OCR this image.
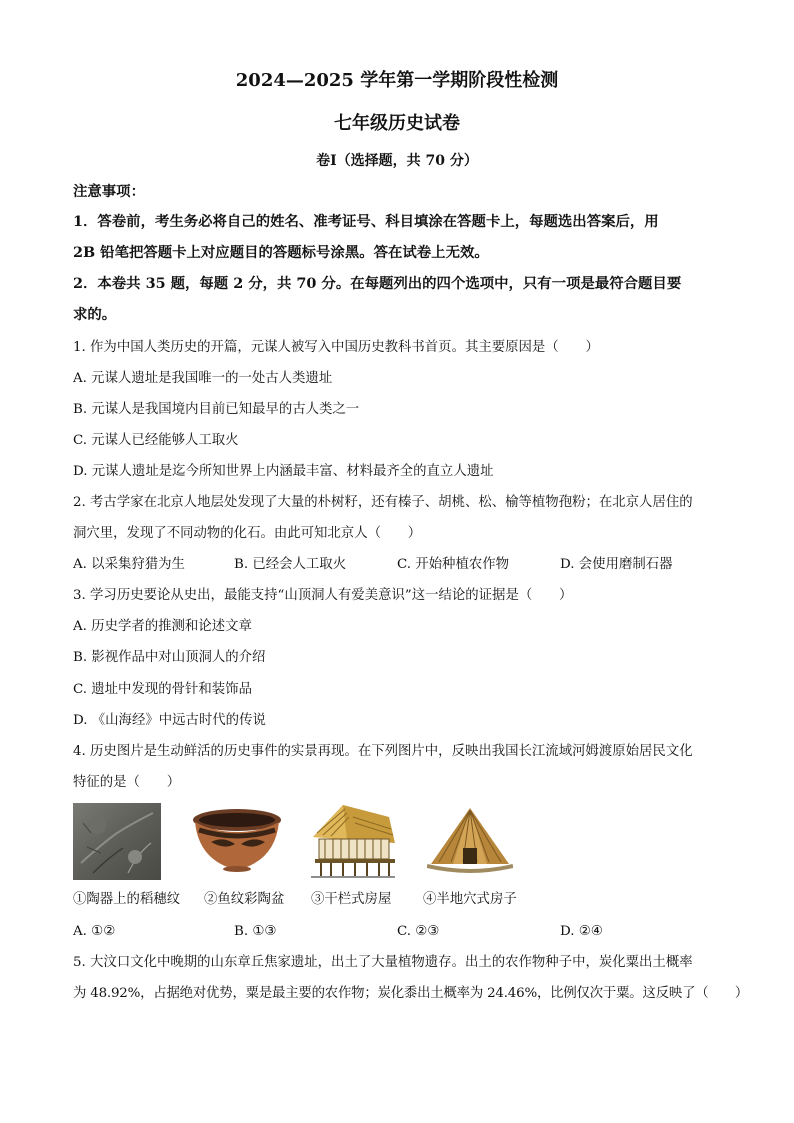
2024—2025 学年第一学期阶段性检测
七年级历史试卷
卷Ⅰ（选择题，共 70 分）
注意事项：
1．答卷前，考生务必将自己的姓名、准考证号、科目填涂在答题卡上，每题选出答案后，用
2B 铅笔把答题卡上对应题目的答题标号涂黑。答在试卷上无效。
2．本卷共 35 题，每题 2 分，共 70 分。在每题列出的四个选项中，只有一项是最符合题目要
求的。
1. 作为中国人类历史的开篇，元谋人被写入中国历史教科书首页。其主要原因是（　　）
A. 元谋人遗址是我国唯一的一处古人类遗址
B. 元谋人是我国境内目前已知最早的古人类之一
C. 元谋人已经能够人工取火
D. 元谋人遗址是迄今所知世界上内涵最丰富、材料最齐全的直立人遗址
2. 考古学家在北京人地层处发现了大量的朴树籽，还有榛子、胡桃、松、榆等植物孢粉；在北京人居住的
洞穴里，发现了不同动物的化石。由此可知北京人（　　）
A. 以采集狩猎为生	B. 已经会人工取火	C. 开始种植农作物	D. 会使用磨制石器
3. 学习历史要论从史出，最能支持“山顶洞人有爱美意识”这一结论的证据是（　　）
A. 历史学者的推测和论述文章
B. 影视作品中对山顶洞人的介绍
C. 遗址中发现的骨针和装饰品
D. 《山海经》中远古时代的传说
4. 历史图片是生动鲜活的历史事件的实景再现。在下列图片中，反映出我国长江流域河姆渡原始居民文化
特征的是（　　）
①陶器上的稻穗纹 ②鱼纹彩陶盆 ③干栏式房屋 ④半地穴式房子
A. ①②	B. ①③	C. ②③	D. ②④
5. 大汶口文化中晚期的山东章丘焦家遗址，出土了大量植物遗存。出土的农作物种子中，炭化粟出土概率
为 48.92%，占据绝对优势，粟是最主要的农作物；炭化黍出土概率为 24.46%，比例仅次于粟。这反映了（　　）
